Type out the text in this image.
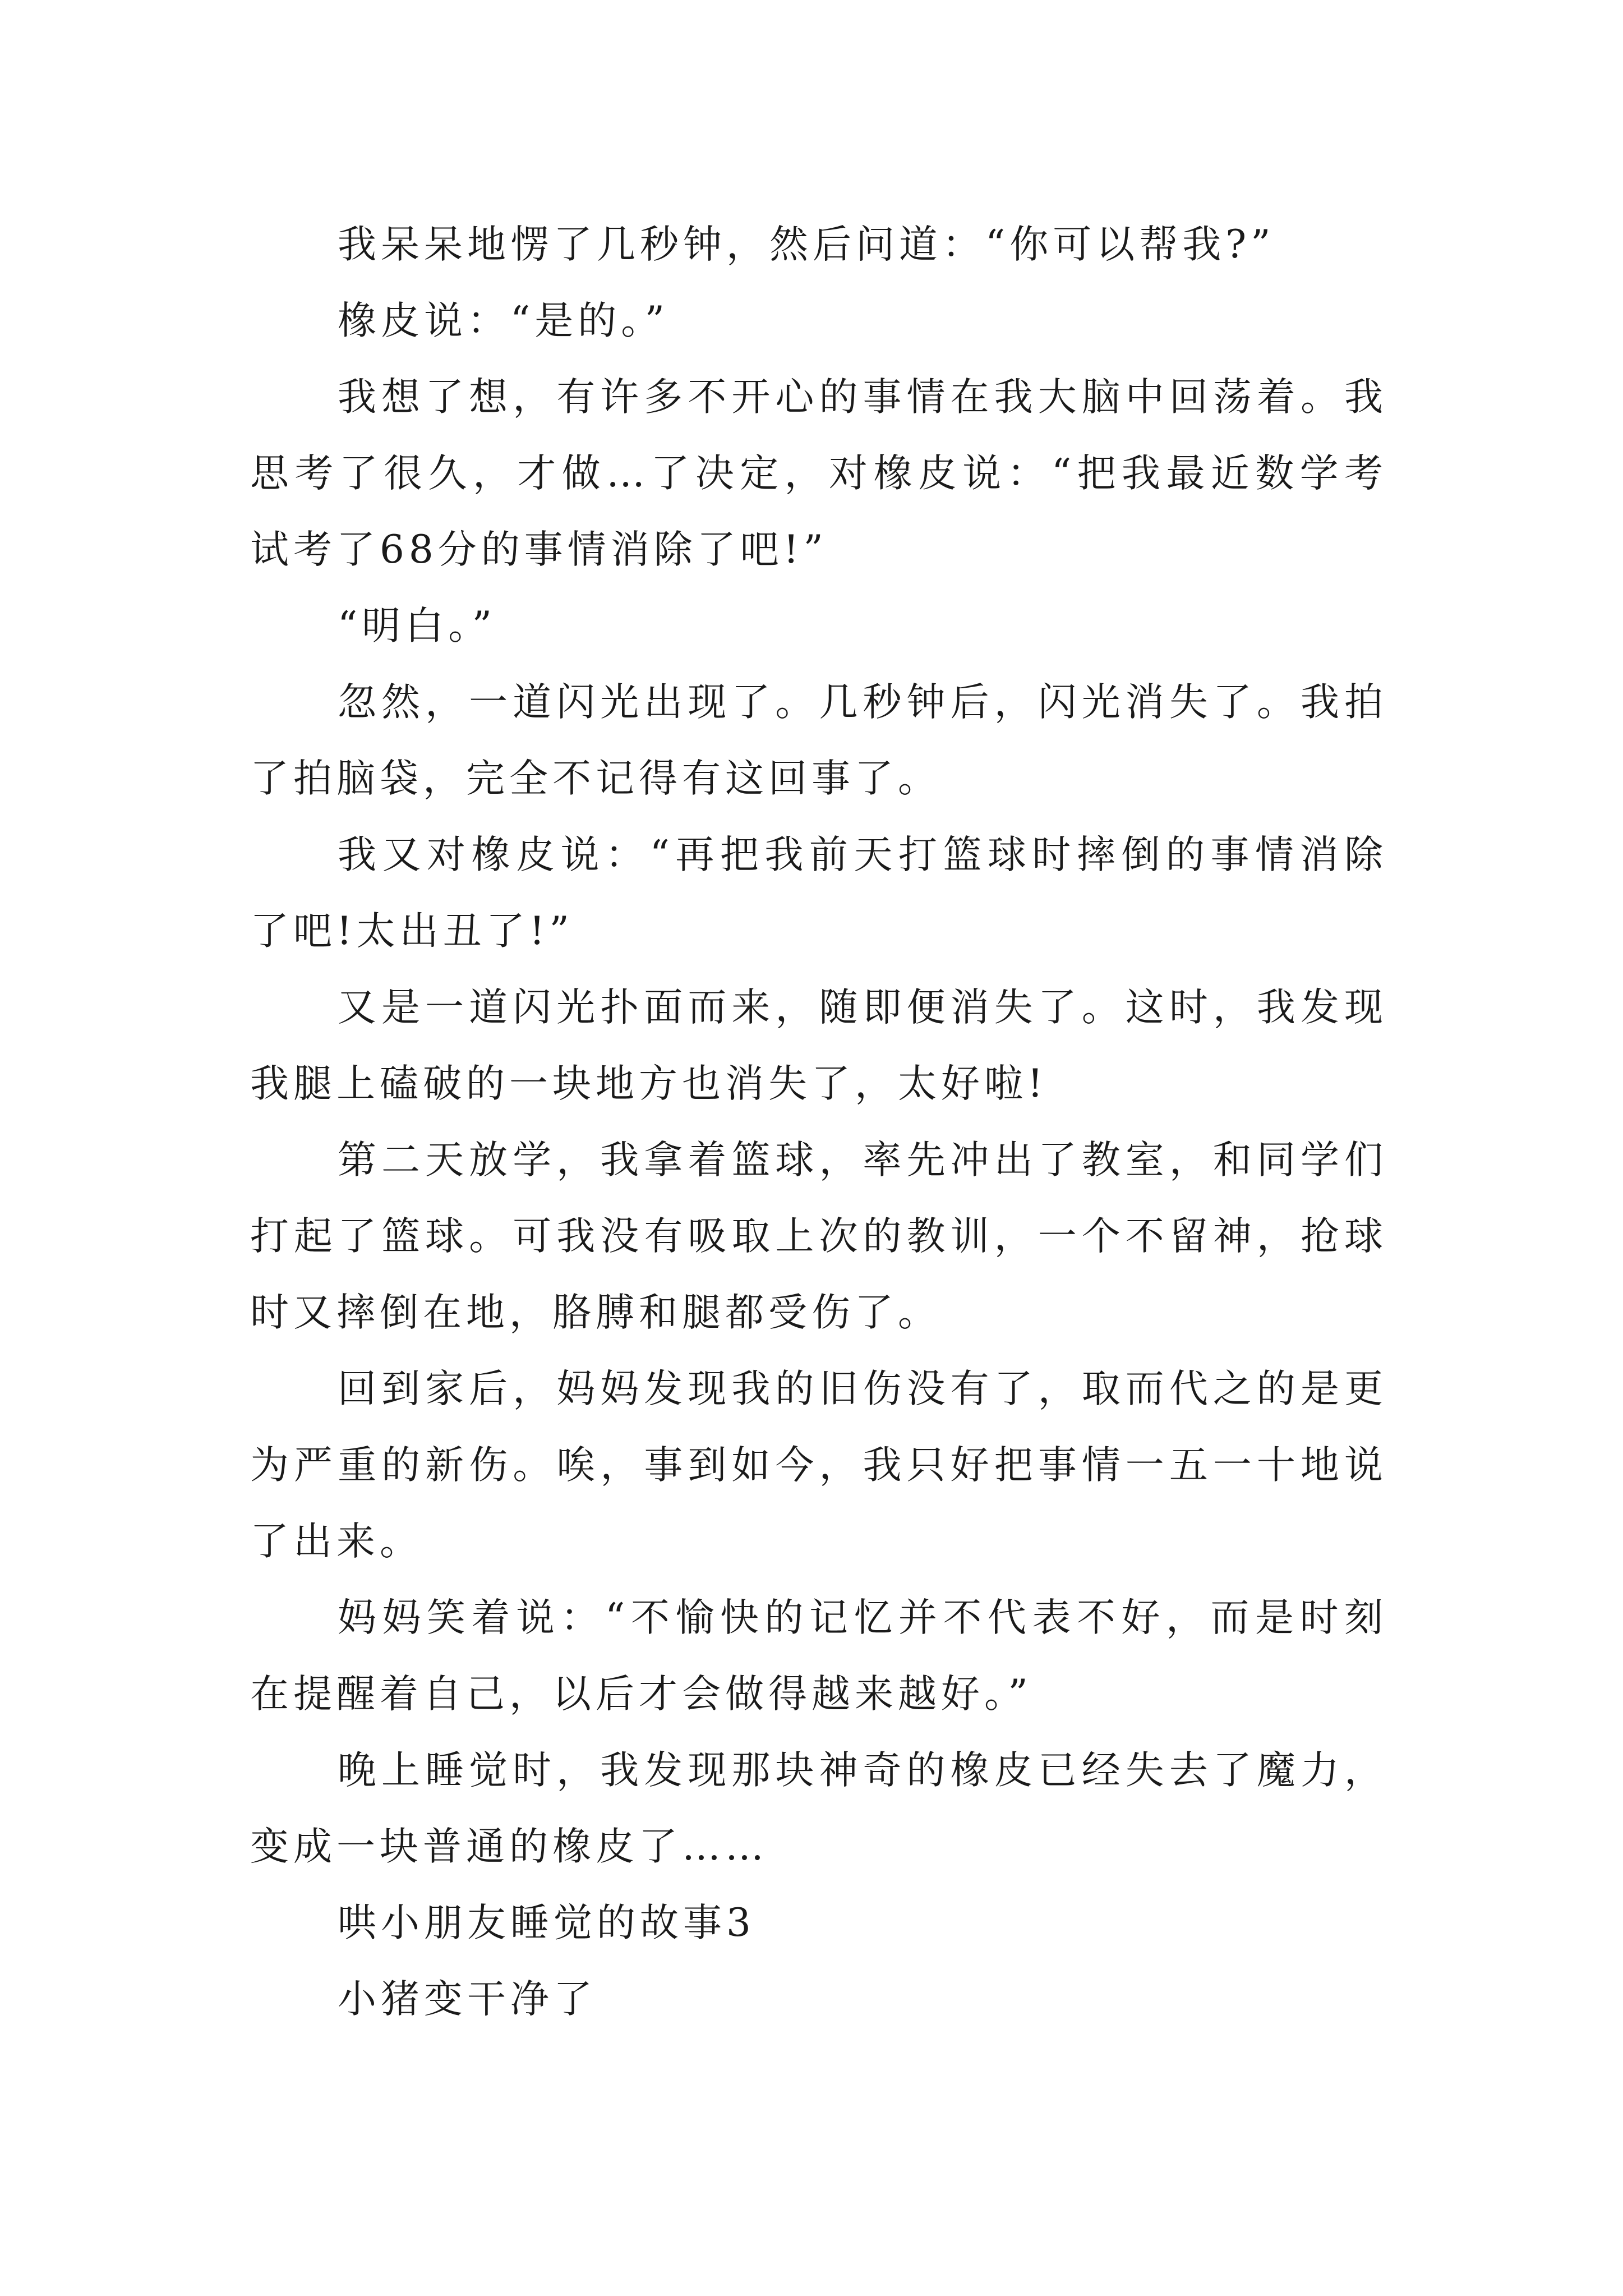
我呆呆地愣了几秒钟，然后问道：“你可以帮我?”

橡皮说：“是的。”

我想了想，有许多不开心的事情在我大脑中回荡着。我思考了很久，才做…了决定，对橡皮说：“把我最近数学考试考了68分的事情消除了吧!”

“明白。”

忽然，一道闪光出现了。几秒钟后，闪光消失了。我拍了拍脑袋，完全不记得有这回事了。

我又对橡皮说：“再把我前天打篮球时摔倒的事情消除了吧!太出丑了!”

又是一道闪光扑面而来，随即便消失了。这时，我发现我腿上磕破的一块地方也消失了，太好啦!

第二天放学，我拿着篮球，率先冲出了教室，和同学们打起了篮球。可我没有吸取上次的教训，一个不留神，抢球时又摔倒在地，胳膊和腿都受伤了。

回到家后，妈妈发现我的旧伤没有了，取而代之的是更为严重的新伤。唉，事到如今，我只好把事情一五一十地说了出来。

妈妈笑着说：“不愉快的记忆并不代表不好，而是时刻在提醒着自己，以后才会做得越来越好。”

晚上睡觉时，我发现那块神奇的橡皮已经失去了魔力，变成一块普通的橡皮了……

哄小朋友睡觉的故事3

小猪变干净了
